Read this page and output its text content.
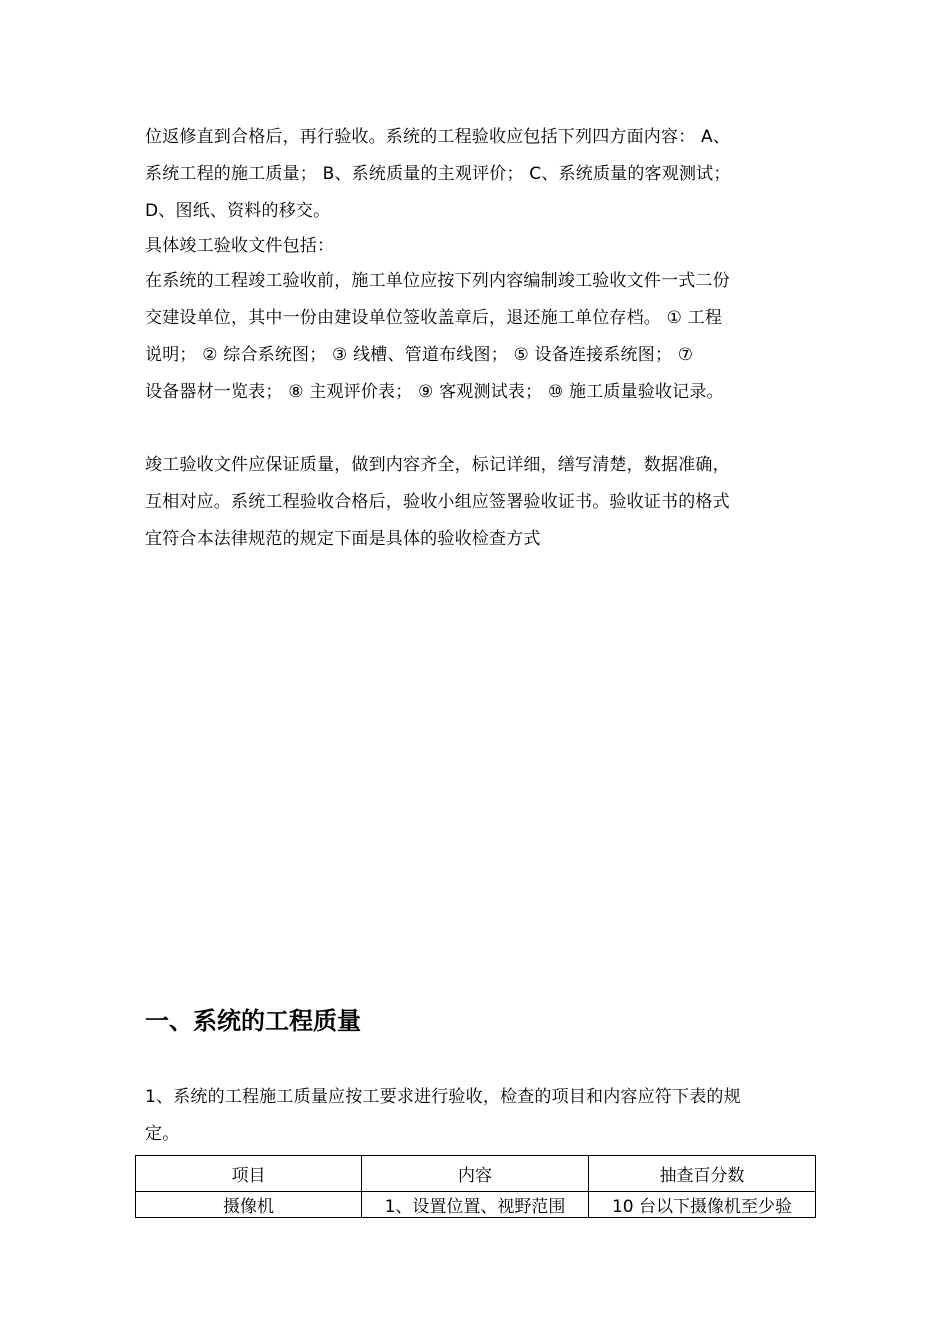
位返修直到合格后，再行验收。系统的工程验收应包括下列四方面内容： A、
系统工程的施工质量； B、系统质量的主观评价； C、系统质量的客观测试；
D、图纸、资料的移交。
具体竣工验收文件包括：
在系统的工程竣工验收前，施工单位应按下列内容编制竣工验收文件一式二份
交建设单位，其中一份由建设单位签收盖章后，退还施工单位存档。 ① 工程
说明； ② 综合系统图； ③ 线槽、管道布线图； ⑤ 设备连接系统图； ⑦
设备器材一览表； ⑧ 主观评价表； ⑨ 客观测试表； ⑩ 施工质量验收记录。
竣工验收文件应保证质量，做到内容齐全，标记详细，缮写清楚，数据准确，
互相对应。系统工程验收合格后，验收小组应签署验收证书。验收证书的格式
宜符合本法律规范的规定下面是具体的验收检查方式
一、系统的工程质量
1、系统的工程施工质量应按工要求进行验收，检查的项目和内容应符下表的规
定。
项目	内容	抽查百分数
摄像机	1、设置位置、视野范围	10 台以下摄像机至少验
